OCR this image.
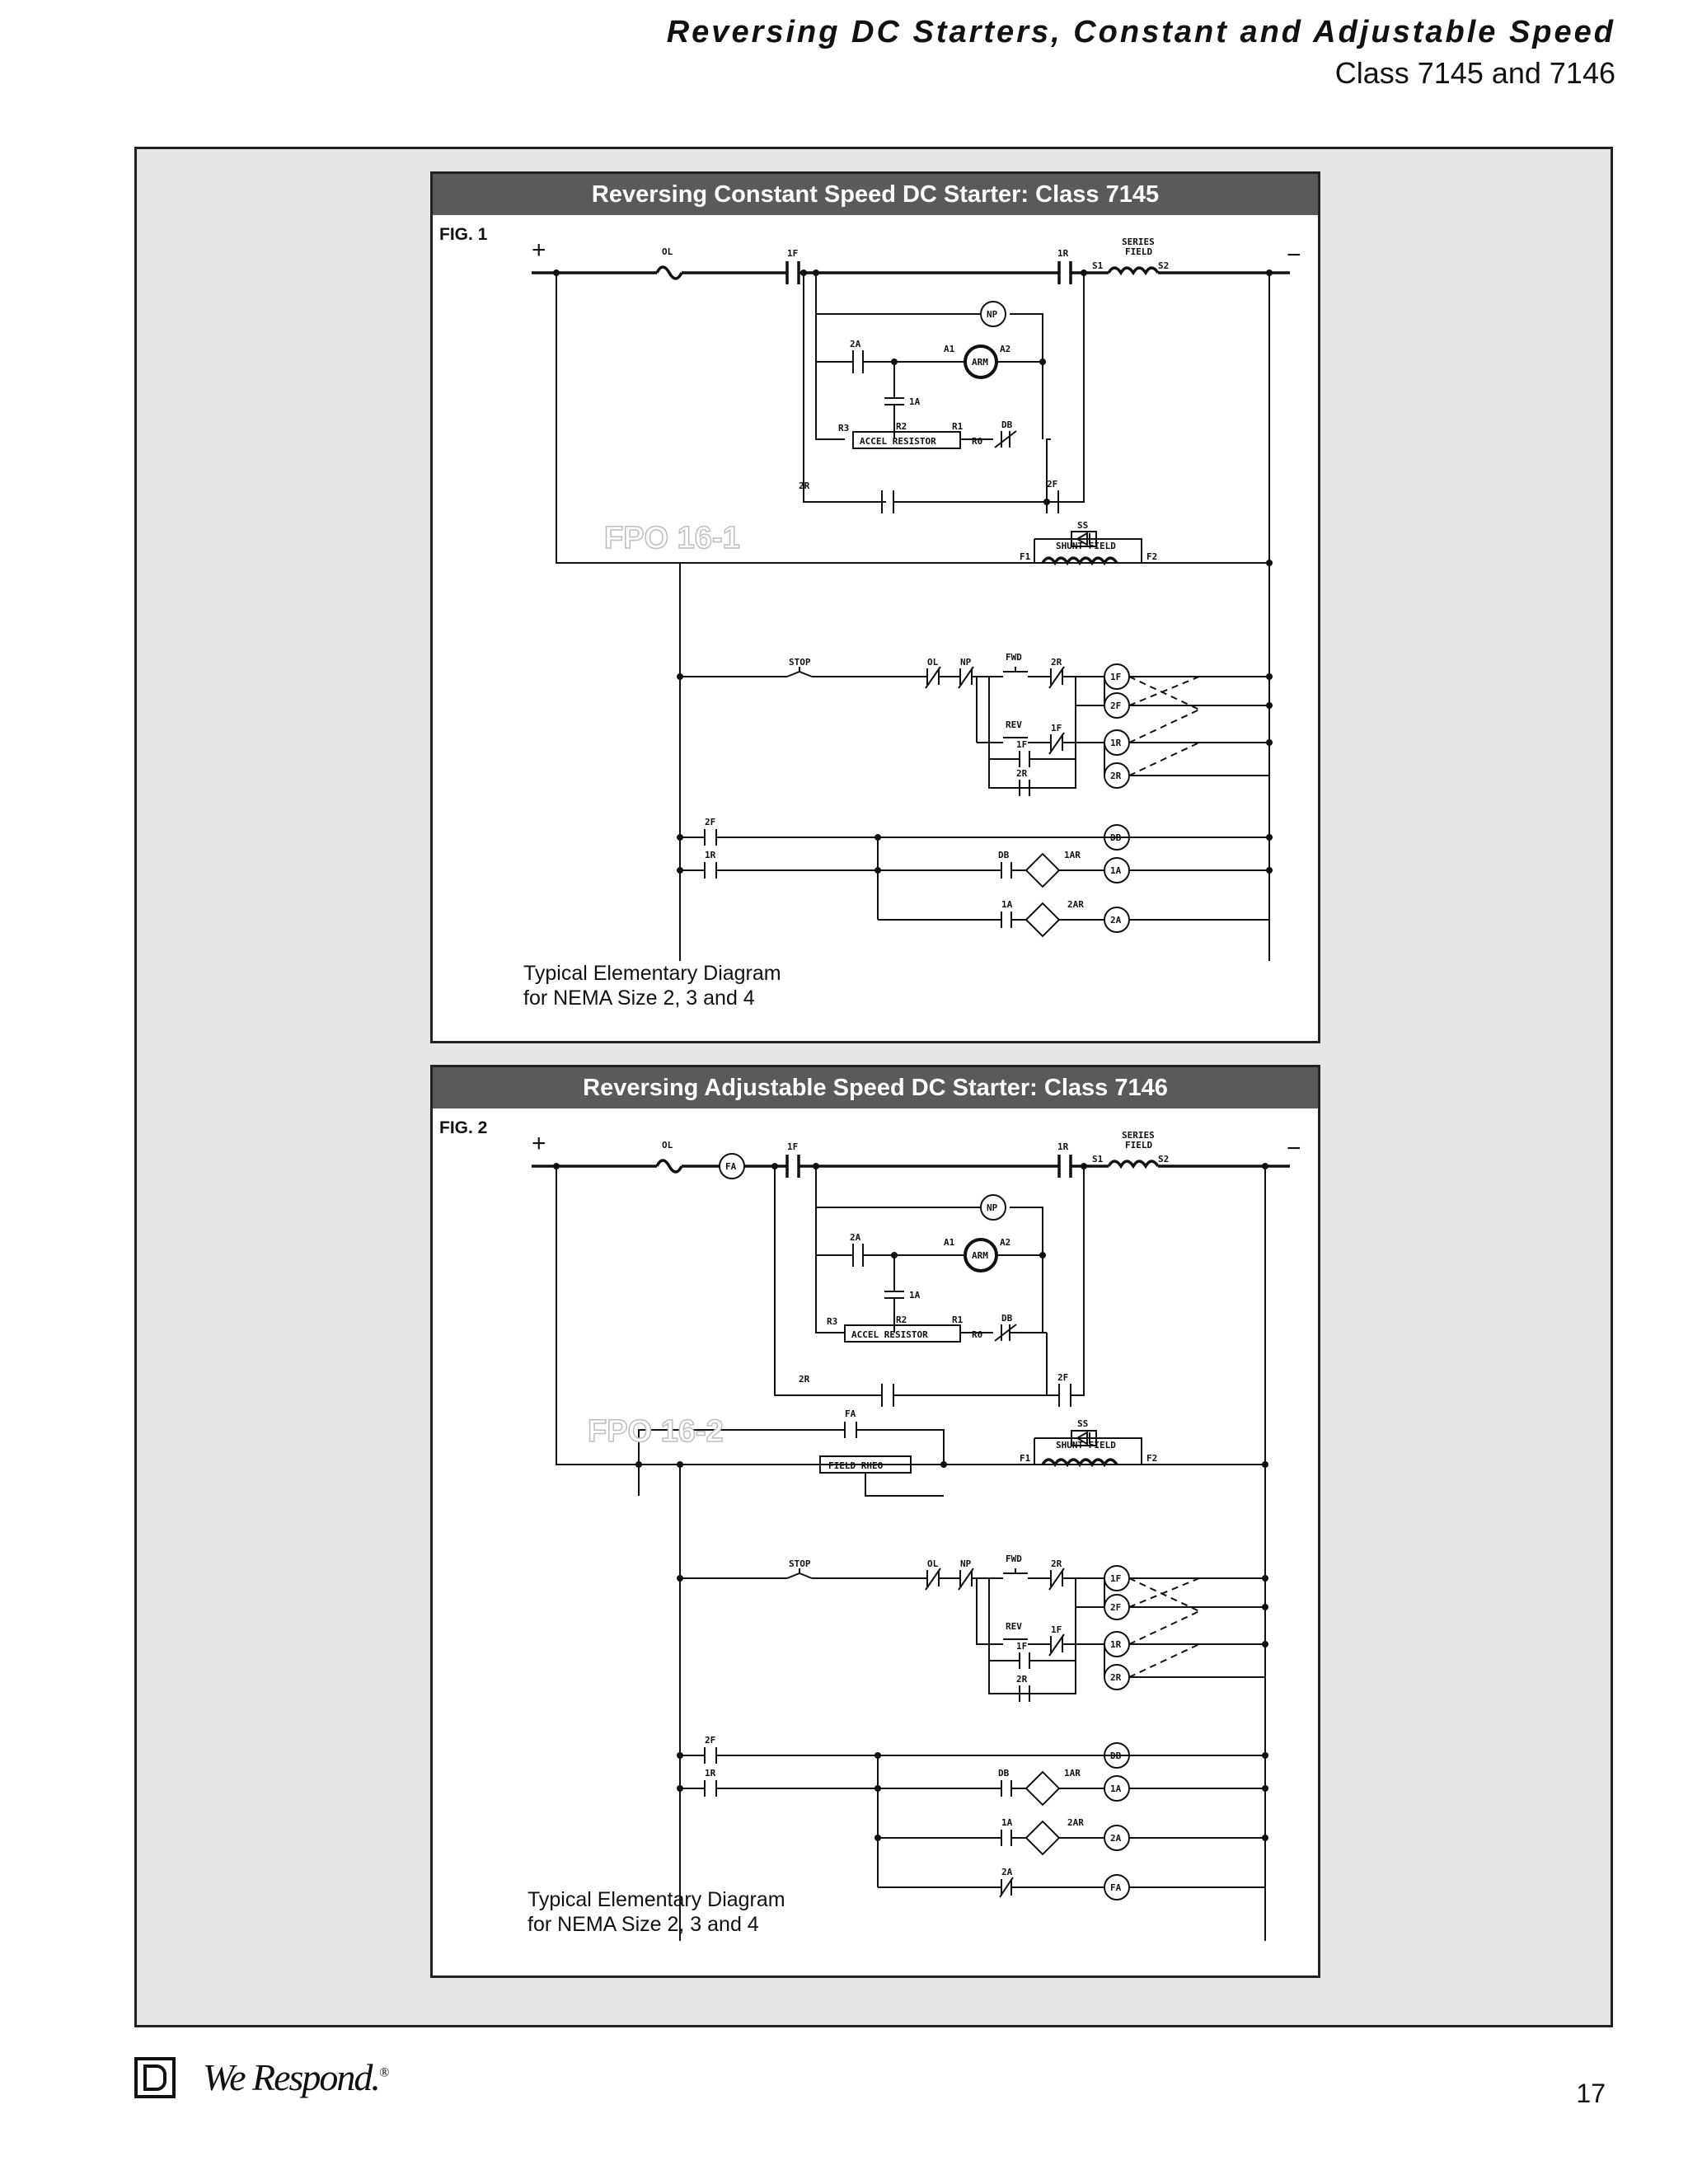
Reversing DC Starters, Constant and Adjustable Speed

Class 7145 and 7146

Reversing Constant Speed DC Starter: Class 7145
FIG. 1
+	−
OL	1F	1R
SERIES
FIELD
S1	S2
NP
2A	A1	A2
ARM
1A
R3	R2	R1
R0
DB
ACCEL RESISTOR
2R	2F
SS
F1
SHUNT FIELD
F2
FPO 16-1
STOP	OL NP	FWD	2R
1F
2F
REV	1F
1R
2R
1F
2R
2F
1R	DB	1AR
1A	2AR
DB
1A
2A
Typical Elementary Diagram
for NEMA Size 2, 3 and 4
Reversing Adjustable Speed DC Starter: Class 7146
FIG. 2
+	−
OL
FA
1F	1R
SERIES
FIELD
S1	S2
NP
2A	A1	A2
ARM
1A
R3	R2	R1
R0
DB
ACCEL RESISTOR
2R	2F
FA
SS
F1
SHUNT FIELD
F2
FIELD RHEO
FPO 16-2
STOP	OL NP	FWD	2R
1F
2F
REV	1F
1R
2R
1F
2R
2F
1R	DB	1AR
1A	2AR
2A
DB
1A
2A
FA
Typical Elementary Diagram
for NEMA Size 2, 3 and 4
We Respond.®
17
